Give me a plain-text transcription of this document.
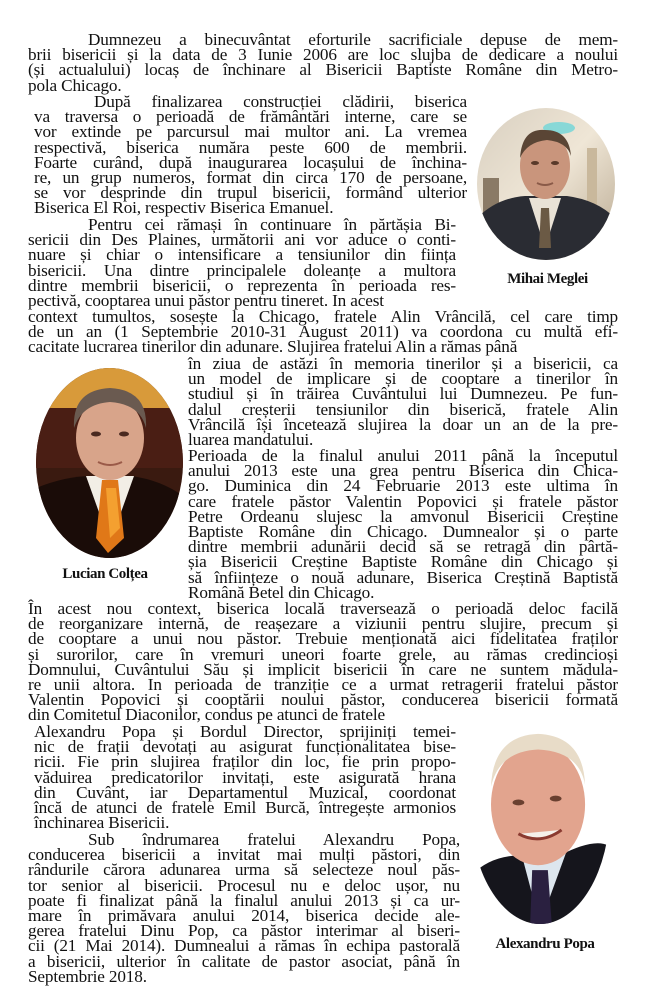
Dumnezeu a binecuvântat eforturile sacrificiale depuse de mem-
brii bisericii și la data de 3 Iunie 2006 are loc slujba de dedicare a noului
(și actualului) locaș de închinare al Bisericii Baptiste Române din Metro-
pola Chicago.
După finalizarea construcției clădirii, biserica
va traversa o perioadă de frământări interne, care se
vor extinde pe parcursul mai multor ani. La vremea
respectivă, biserica număra peste 600 de membrii.
Foarte curând, după inaugurarea locașului de închina-
re, un grup numeros, format din circa 170 de persoane,
se vor desprinde din trupul bisericii, formând ulterior
Biserica El Roi, respectiv Biserica Emanuel.
Pentru cei rămași în continuare în părtășia Bi-
sericii din Des Plaines, următorii ani vor aduce o conti-
nuare și chiar o intensificare a tensiunilor din ființa
bisericii. Una dintre principalele doleanțe a multora
dintre membrii bisericii, o reprezenta în perioada res-
pectivă, cooptarea unui păstor pentru tineret. In acest
context tumultos, sosește la Chicago, fratele Alin Vrâncilă, cel care timp
de un an (1 Septembrie 2010-31 August 2011) va coordona cu multă efi-
cacitate lucrarea tinerilor din adunare. Slujirea fratelui Alin a rămas până
în ziua de astăzi în memoria tinerilor și a bisericii, ca
un model de implicare și de cooptare a tinerilor în
studiul și în trăirea Cuvântului lui Dumnezeu. Pe fun-
dalul creșterii tensiunilor din biserică, fratele Alin
Vrâncilă își încetează slujirea la doar un an de la pre-
luarea mandatului.
Perioada de la finalul anului 2011 până la începutul
anului 2013 este una grea pentru Biserica din Chica-
go. Duminica din 24 Februarie 2013 este ultima în
care fratele păstor Valentin Popovici și fratele păstor
Petre Ordeanu slujesc la amvonul Bisericii Creștine
Baptiste Române din Chicago. Dumnealor și o parte
dintre membrii adunării decid să se retragă din pârtă-
șia Bisericii Creștine Baptiste Române din Chicago și
să înființeze o nouă adunare, Biserica Creștină Baptistă
Română Betel din Chicago.
În acest nou context, biserica locală traversează o perioadă deloc facilă
de reorganizare internă, de reașezare a viziunii pentru slujire, precum și
de cooptare a unui nou păstor. Trebuie menționată aici fidelitatea fraților
și surorilor, care în vremuri uneori foarte grele, au rămas credincioși
Domnului, Cuvântului Său și implicit bisericii în care ne suntem mădula-
re unii altora. In perioada de tranziție ce a urmat retragerii fratelui păstor
Valentin Popovici și cooptării noului păstor, conducerea bisericii formată
din Comitetul Diaconilor, condus pe atunci de fratele
Alexandru Popa și Bordul Director, sprijiniți temei-
nic de frații devotați au asigurat funcționalitatea bise-
ricii. Fie prin slujirea fraților din loc, fie prin propo-
văduirea predicatorilor invitați, este asigurată hrana
din Cuvânt, iar Departamentul Muzical, coordonat
încă de atunci de fratele Emil Burcă, întregește armonios
închinarea Bisericii.
Sub îndrumarea fratelui Alexandru Popa,
conducerea bisericii a invitat mai mulți păstori, din
rândurile cărora adunarea urma să selecteze noul păs-
tor senior al bisericii. Procesul nu e deloc ușor, nu
poate fi finalizat până la finalul anului 2013 și ca ur-
mare în primăvara anului 2014, biserica decide ale-
gerea fratelui Dinu Pop, ca păstor interimar al biseri-
cii (21 Mai 2014). Dumnealui a rămas în echipa pastorală
a bisericii, ulterior în calitate de pastor asociat, până în
Septembrie 2018.
Mihai Meglei
Lucian Colțea
Alexandru Popa
